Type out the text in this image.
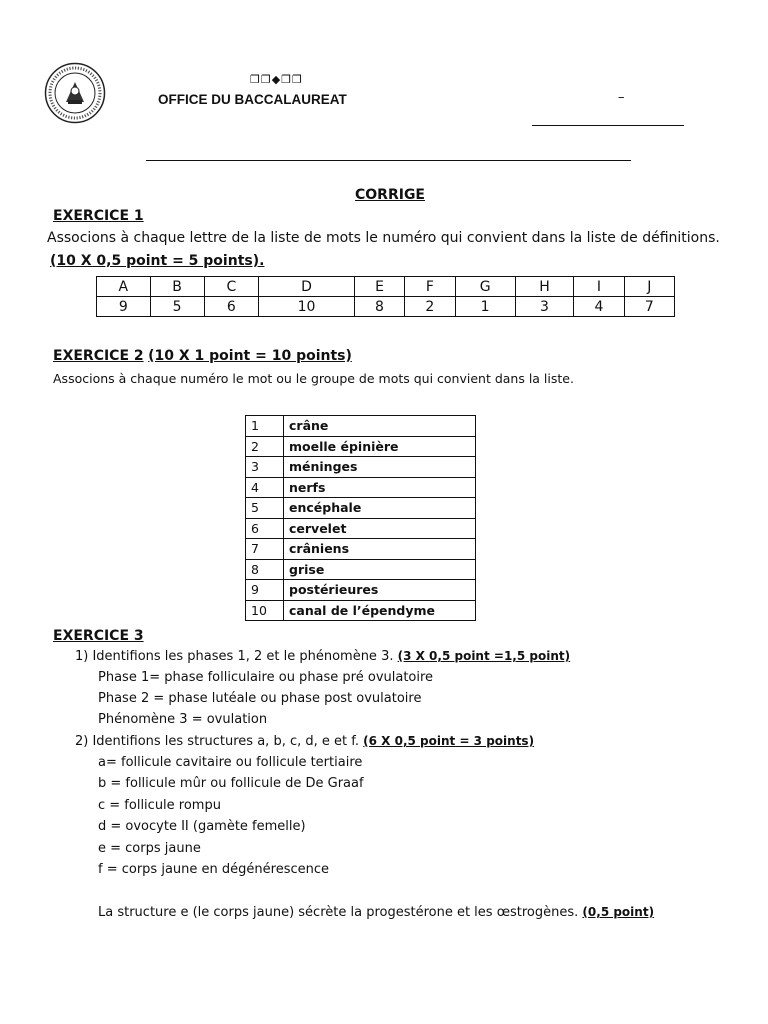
❐❐◆❐❐
OFFICE DU BACCALAUREAT	–
CORRIGE
EXERCICE 1
Associons à chaque lettre de la liste de mots le numéro qui convient dans la liste de définitions.
(10 X 0,5 point = 5 points).
A	B	C	D	E	F	G	H	I	J
9	5	6	10	8	2	1	3	4	7
EXERCICE 2 (10 X 1 point = 10 points)
Associons à chaque numéro le mot ou le groupe de mots qui convient dans la liste.
1	crâne
2	moelle épinière
3	méninges
4	nerfs
5	encéphale
6	cervelet
7	crâniens
8	grise
9	postérieures
10	canal de l’épendyme
EXERCICE 3
1) Identifions les phases 1, 2 et le phénomène 3. (3 X 0,5 point =1,5 point)
Phase 1= phase folliculaire ou phase pré ovulatoire
Phase 2 = phase lutéale ou phase post ovulatoire
Phénomène 3 = ovulation
2) Identifions les structures a, b, c, d, e et f. (6 X 0,5 point = 3 points)
a= follicule cavitaire ou follicule tertiaire
b = follicule mûr ou follicule de De Graaf
c = follicule rompu
d = ovocyte II (gamète femelle)
e = corps jaune
f = corps jaune en dégénérescence
La structure e (le corps jaune) sécrète la progestérone et les œstrogènes. (0,5 point)
